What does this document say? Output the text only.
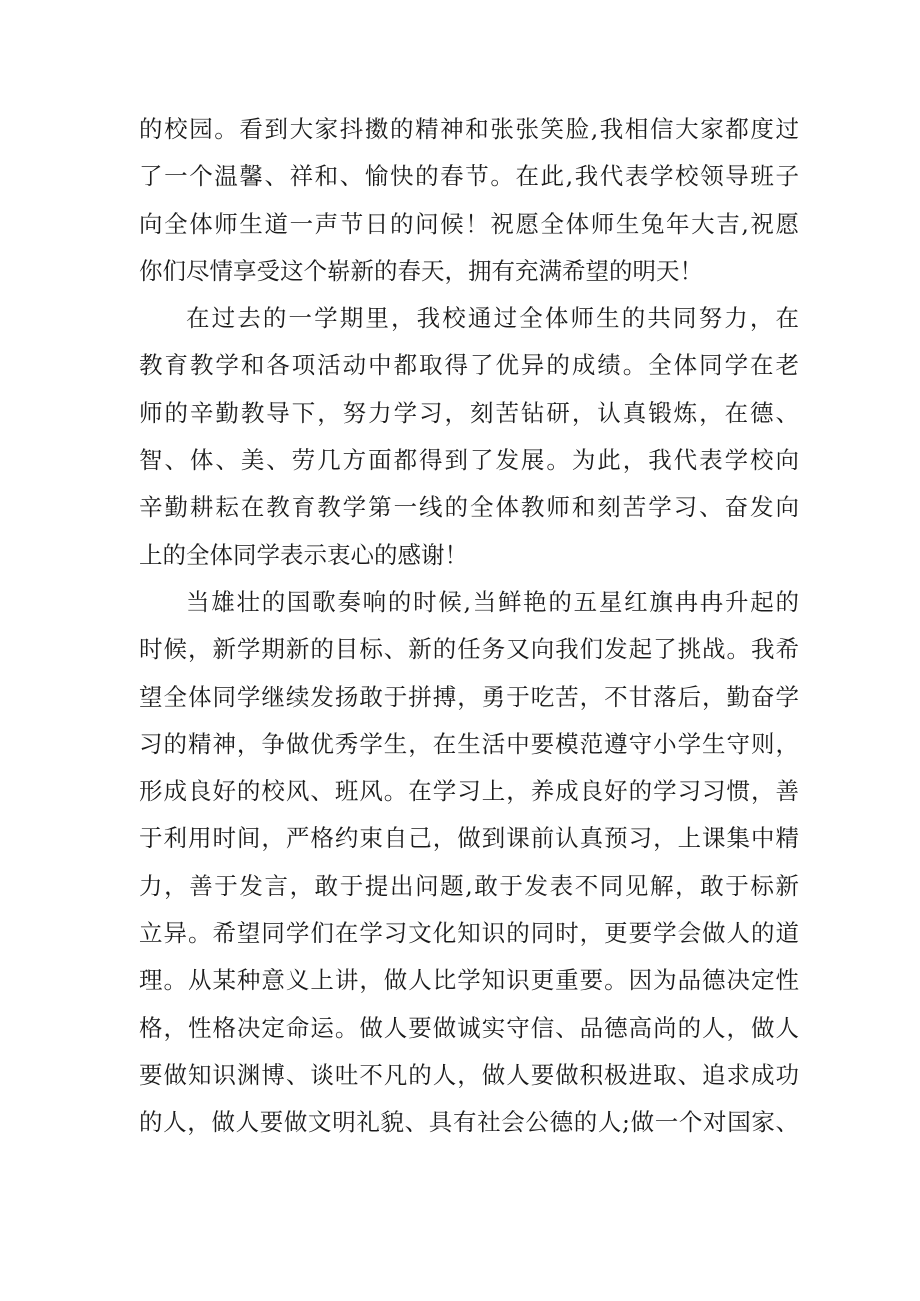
的校园。看到大家抖擞的精神和张张笑脸,我相信大家都度过
了一个温馨、祥和、愉快的春节。在此,我代表学校领导班子
向全体师生道一声节日的问候！祝愿全体师生兔年大吉,祝愿
你们尽情享受这个崭新的春天，拥有充满希望的明天！
在过去的一学期里，我校通过全体师生的共同努力，在
教育教学和各项活动中都取得了优异的成绩。全体同学在老
师的辛勤教导下，努力学习，刻苦钻研，认真锻炼，在德、
智、体、美、劳几方面都得到了发展。为此，我代表学校向
辛勤耕耘在教育教学第一线的全体教师和刻苦学习、奋发向
上的全体同学表示衷心的感谢！
当雄壮的国歌奏响的时候,当鲜艳的五星红旗冉冉升起的
时候，新学期新的目标、新的任务又向我们发起了挑战。我希
望全体同学继续发扬敢于拼搏，勇于吃苦，不甘落后，勤奋学
习的精神，争做优秀学生，在生活中要模范遵守小学生守则，
形成良好的校风、班风。在学习上，养成良好的学习习惯，善
于利用时间，严格约束自己，做到课前认真预习，上课集中精
力，善于发言，敢于提出问题,敢于发表不同见解，敢于标新
立异。希望同学们在学习文化知识的同时，更要学会做人的道
理。从某种意义上讲，做人比学知识更重要。因为品德决定性
格，性格决定命运。做人要做诚实守信、品德高尚的人，做人
要做知识渊博、谈吐不凡的人，做人要做积极进取、追求成功
的人，做人要做文明礼貌、具有社会公德的人;做一个对国家、
